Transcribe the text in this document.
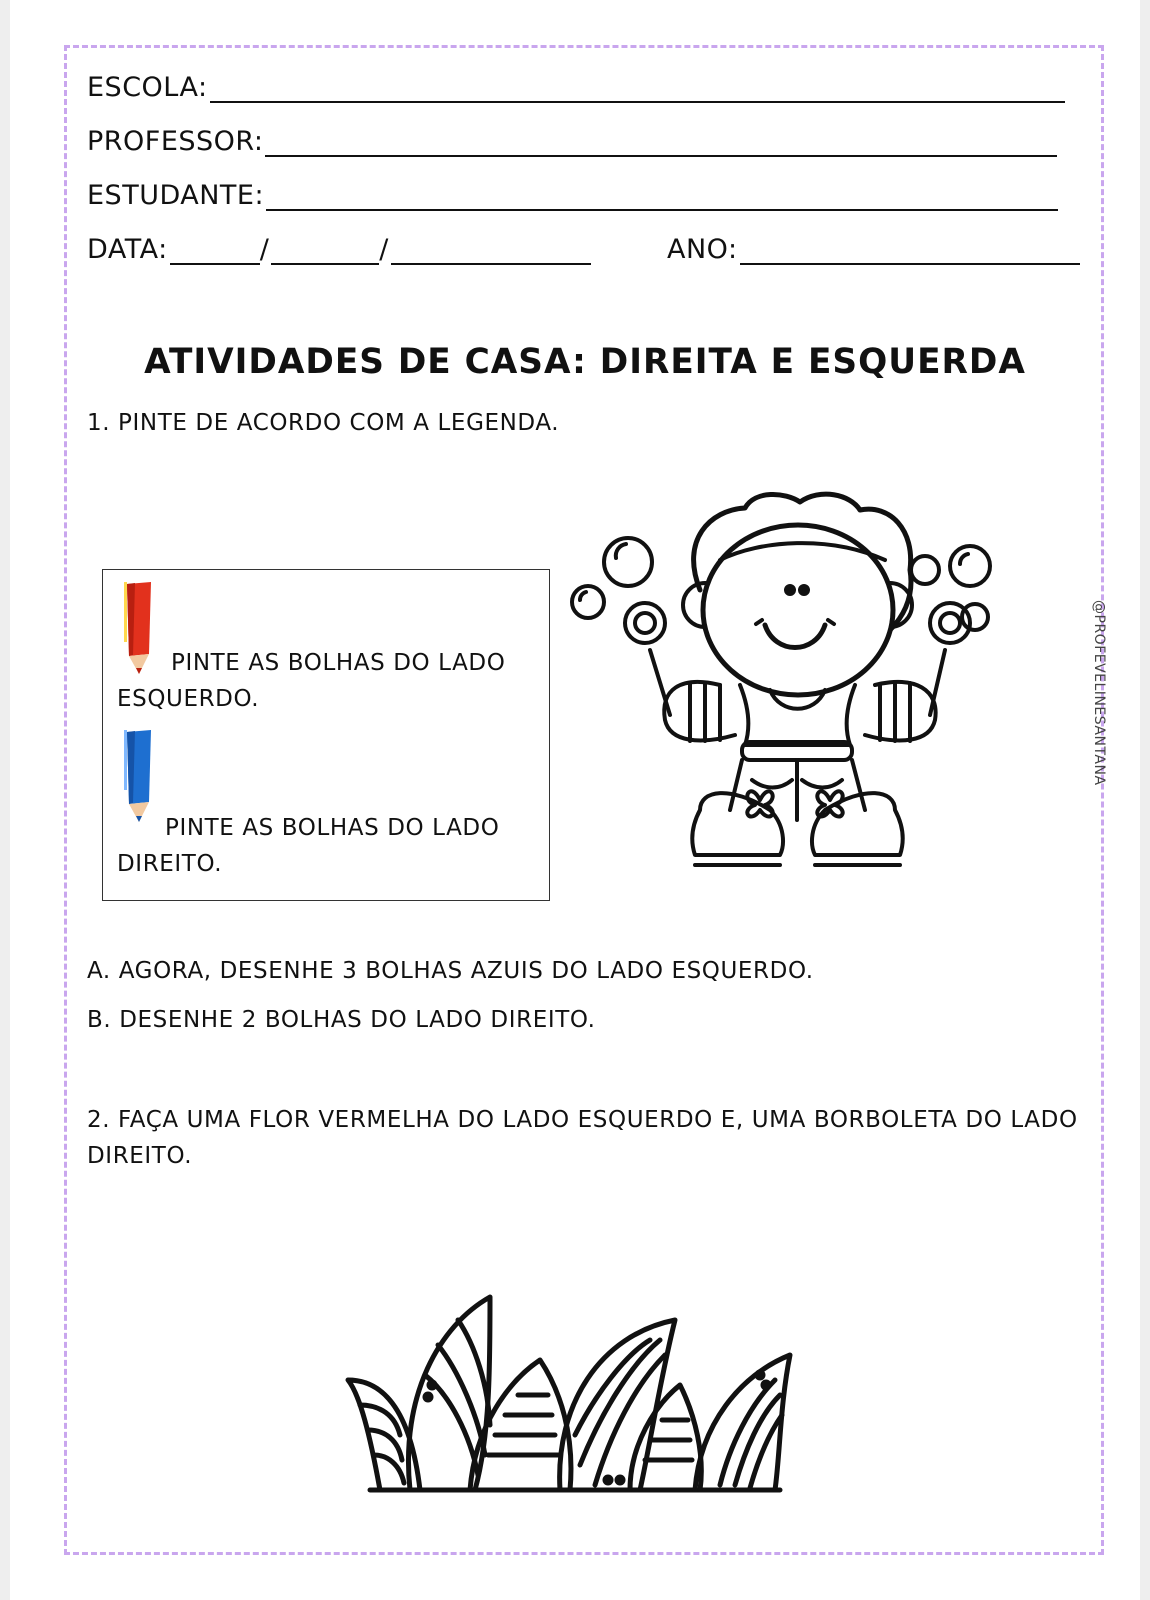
ESCOLA:
PROFESSOR:
ESTUDANTE:
DATA:	/	/	ANO:
ATIVIDADES DE CASA: DIREITA E ESQUERDA
1. PINTE DE ACORDO COM A LEGENDA.
PINTE AS BOLHAS DO LADO
ESQUERDO.
PINTE AS BOLHAS DO LADO
DIREITO.
A. AGORA, DESENHE 3 BOLHAS AZUIS DO LADO ESQUERDO.
B. DESENHE 2 BOLHAS DO LADO DIREITO.
2. FAÇA UMA FLOR VERMELHA DO LADO ESQUERDO E, UMA BORBOLETA DO LADO
DIREITO.
@PROFEVELINESANTANA
